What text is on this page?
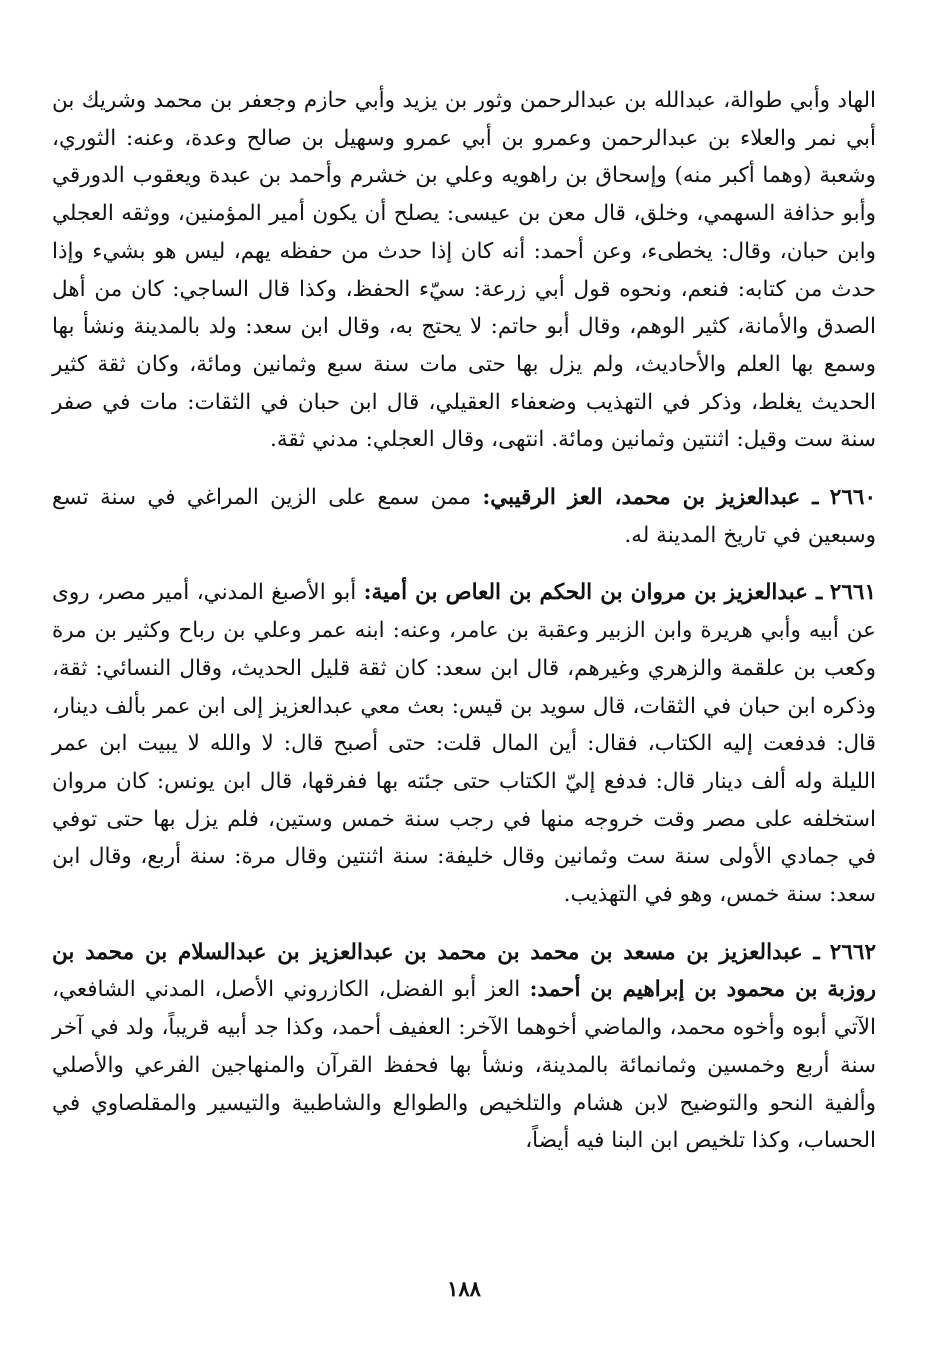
الهاد وأبي طوالة، عبدالله بن عبدالرحمن وثور بن يزيد وأبي حازم وجعفر بن محمد وشريك بن أبي نمر والعلاء بن عبدالرحمن وعمرو بن أبي عمرو وسهيل بن صالح وعدة، وعنه: الثوري، وشعبة (وهما أكبر منه) وإسحاق بن راهويه وعلي بن خشرم وأحمد بن عبدة ويعقوب الدورقي وأبو حذافة السهمي، وخلق، قال معن بن عيسى: يصلح أن يكون أمير المؤمنين، ووثقه العجلي وابن حبان، وقال: يخطىء، وعن أحمد: أنه كان إذا حدث من حفظه يهم، ليس هو بشيء وإذا حدث من كتابه: فنعم، ونحوه قول أبي زرعة: سيّء الحفظ، وكذا قال الساجي: كان من أهل الصدق والأمانة، كثير الوهم، وقال أبو حاتم: لا يحتج به، وقال ابن سعد: ولد بالمدينة ونشأ بها وسمع بها العلم والأحاديث، ولم يزل بها حتى مات سنة سبع وثمانين ومائة، وكان ثقة كثير الحديث يغلط، وذكر في التهذيب وضعفاء العقيلي، قال ابن حبان في الثقات: مات في صفر سنة ست وقيل: اثنتين وثمانين ومائة. انتهى، وقال العجلي: مدني ثقة.

٢٦٦٠ ـ عبدالعزيز بن محمد، العز الرقيبي: ممن سمع على الزين المراغي في سنة تسع وسبعين في تاريخ المدينة له.

٢٦٦١ ـ عبدالعزيز بن مروان بن الحكم بن العاص بن أمية: أبو الأصبغ المدني، أمير مصر، روى عن أبيه وأبي هريرة وابن الزبير وعقبة بن عامر، وعنه: ابنه عمر وعلي بن رباح وكثير بن مرة وكعب بن علقمة والزهري وغيرهم، قال ابن سعد: كان ثقة قليل الحديث، وقال النسائي: ثقة، وذكره ابن حبان في الثقات، قال سويد بن قيس: بعث معي عبدالعزيز إلى ابن عمر بألف دينار، قال: فدفعت إليه الكتاب، فقال: أين المال قلت: حتى أصبح قال: لا والله لا يبيت ابن عمر الليلة وله ألف دينار قال: فدفع إليّ الكتاب حتى جئته بها ففرقها، قال ابن يونس: كان مروان استخلفه على مصر وقت خروجه منها في رجب سنة خمس وستين، فلم يزل بها حتى توفي في جمادي الأولى سنة ست وثمانين وقال خليفة: سنة اثنتين وقال مرة: سنة أربع، وقال ابن سعد: سنة خمس، وهو في التهذيب.

٢٦٦٢ ـ عبدالعزيز بن مسعد بن محمد بن محمد بن عبدالعزيز بن عبدالسلام بن محمد بن روزبة بن محمود بن إبراهيم بن أحمد: العز أبو الفضل، الكازروني الأصل، المدني الشافعي، الآتي أبوه وأخوه محمد، والماضي أخوهما الآخر: العفيف أحمد، وكذا جد أبيه قريباً، ولد في آخر سنة أربع وخمسين وثمانمائة بالمدينة، ونشأ بها فحفظ القرآن والمنهاجين الفرعي والأصلي وألفية النحو والتوضيح لابن هشام والتلخيص والطوالع والشاطبية والتيسير والمقلصاوي في الحساب، وكذا تلخيص ابن البنا فيه أيضاً،

١٨٨
